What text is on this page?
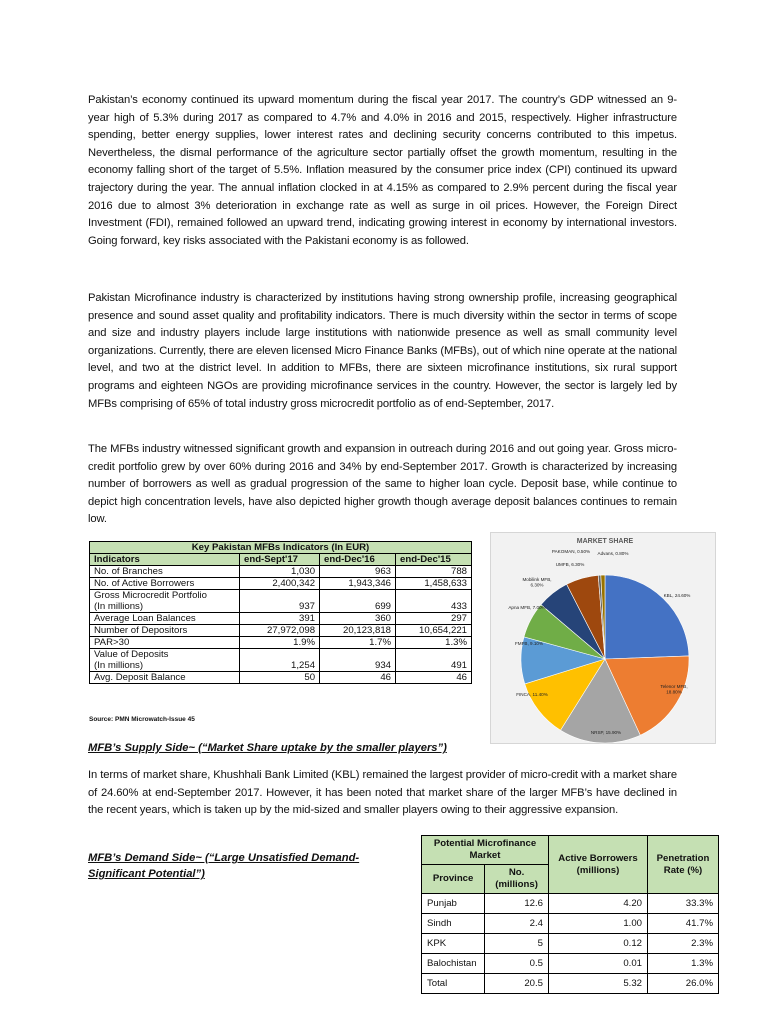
Pakistan’s economy continued its upward momentum during the fiscal year 2017. The country’s GDP witnessed an 9-year high of 5.3% during 2017 as compared to 4.7% and 4.0% in 2016 and 2015, respectively. Higher infrastructure spending, better energy supplies, lower interest rates and declining security concerns contributed to this impetus. Nevertheless, the dismal performance of the agriculture sector partially offset the growth momentum, resulting in the economy falling short of the target of 5.5%. Inflation measured by the consumer price index (CPI) continued its upward trajectory during the year. The annual inflation clocked in at 4.15% as compared to 2.9% percent during the fiscal year 2016 due to almost 3% deterioration in exchange rate as well as surge in oil prices. However, the Foreign Direct Investment (FDI), remained followed an upward trend, indicating growing interest in economy by international investors. Going forward, key risks associated with the Pakistani economy is as followed.

Pakistan Microfinance industry is characterized by institutions having strong ownership profile, increasing geographical presence and sound asset quality and profitability indicators. There is much diversity within the sector in terms of scope and size and industry players include large institutions with nationwide presence as well as small community level organizations. Currently, there are eleven licensed Micro Finance Banks (MFBs), out of which nine operate at the national level, and two at the district level. In addition to MFBs, there are sixteen microfinance institutions, six rural support programs and eighteen NGOs are providing microfinance services in the country. However, the sector is largely led by MFBs comprising of 65% of total industry gross microcredit portfolio as of end-September, 2017.

The MFBs industry witnessed significant growth and expansion in outreach during 2016 and out going year. Gross micro-credit portfolio grew by over 60% during 2016 and 34% by end-September 2017. Growth is characterized by increasing number of borrowers as well as gradual progression of the same to higher loan cycle. Deposit base, while continue to depict high concentration levels, have also depicted higher growth though average deposit balances continues to remain low.

Key Pakistan MFBs Indicators (In EUR)			
Indicators	end-Sept'17	end-Dec'16	end-Dec'15
No. of Branches	1,030	963	788
No. of Active Borrowers	2,400,342	1,943,346	1,458,633

Gross Microcredit Portfolio
(In millions)	937	699	433
Average Loan Balances	391	360	297
Number of Depositors	27,972,098	20,123,818	10,654,221
PAR>30	1.9%	1.7%	1.3%

Value of Deposits
(In millions)	1,254	934	491
Avg. Deposit Balance	50	46	46
Source: PMN Microwatch-Issue 45
MARKET SHARE
KBL, 24.60%
Telenor MFB, 18.80%
NRSP, 15.90%
FINCA, 11.40%
FMFB, 9.10%
Apna MFB, 7.00%
Mobilink MFB, 6.30%
UMFB, 6.30%
PAKOMAN, 0.50% Advans, 0.80%

MFB’s Supply Side~ (“Market Share uptake by the smaller players”)

In terms of market share, Khushhali Bank Limited (KBL) remained the largest provider of micro-credit with a market share of 24.60% at end-September 2017. However, it has been noted that market share of the larger MFB’s have declined in the recent years, which is taken up by the mid-sized and smaller players owing to their aggressive expansion.

MFB’s Demand Side~ (“Large Unsatisfied Demand-Significant Potential”)

Potential Microfinance Market		Active Borrowers (millions)	Penetration Rate (%)
Province	No. (millions)		
Punjab	12.6	4.20	33.3%
Sindh	2.4	1.00	41.7%
KPK	5	0.12	2.3%
Balochistan	0.5	0.01	1.3%
Total	20.5	5.32	26.0%
